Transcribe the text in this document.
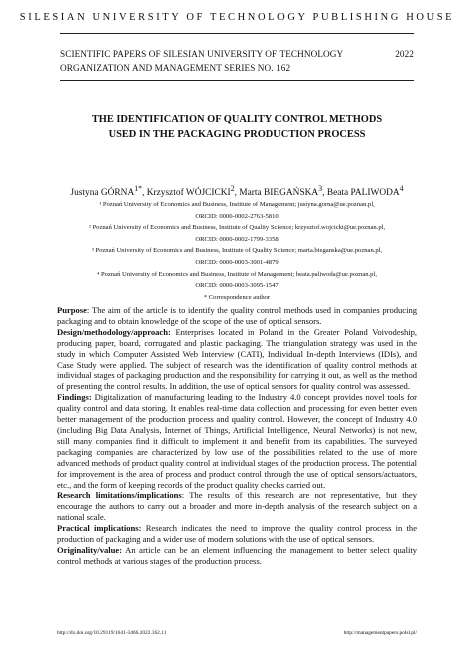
SILESIAN UNIVERSITY OF TECHNOLOGY PUBLISHING HOUSE
SCIENTIFIC PAPERS OF SILESIAN UNIVERSITY OF TECHNOLOGY	2022
ORGANIZATION AND MANAGEMENT SERIES NO. 162
THE IDENTIFICATION OF QUALITY CONTROL METHODS
USED IN THE PACKAGING PRODUCTION PROCESS
Justyna $GÓRNA^{1*}$, Krzysztof WÓJCICKI$^2$, Marta BIEGAŃSKA$^3$, Beata PALIWODA$^4$
¹ Poznań University of Economics and Business, Institute of Management; justyna.gorna@ue.poznan.pl,
ORCID: 0000-0002-2763-5810
² Poznań University of Economics and Business, Institute of Quality Science; krzysztof.wojcicki@ue.poznan.pl,
ORCID: 0000-0002-1799-3358
³ Poznań University of Economics and Business, Institute of Quality Science; marta.bieganska@ue.poznan.pl,
ORCID: 0000-0003-3001-4879
⁴ Poznań University of Economics and Business, Institute of Management; beata.paliwoda@ue.poznan.pl,
ORCID: 0000-0003-3095-1547
* Correspondence author

Purpose: The aim of the article is to identify the quality control methods used in companies producing packaging and to obtain knowledge of the scope of the use of optical sensors.

Design/methodology/approach: Enterprises located in Poland in the Greater Poland Voivodeship, producing paper, board, corrugated and plastic packaging. The triangulation strategy was used in the study in which Computer Assisted Web Interview (CATI), Individual In-depth Interviews (IDIs), and Case Study were applied. The subject of research was the identification of quality control methods at individual stages of packaging production and the responsibility for carrying it out, as well as the method of presenting the control results. In addition, the use of optical sensors for quality control was assessed.

Findings: Digitalization of manufacturing leading to the Industry 4.0 concept provides novel tools for quality control and data storing. It enables real-time data collection and processing for even better even better management of the production process and quality control. However, the concept of Industry 4.0 (including Big Data Analysis, Internet of Things, Artificial Intelligence, Neural Networks) is not new, still many companies find it difficult to implement it and benefit from its capabilities. The surveyed packaging companies are characterized by low use of the possibilities related to the use of more advanced methods of product quality control at individual stages of the production process. The potential for improvement is the area of process and product control through the use of optical sensors/actuators, etc., and the form of keeping records of the product quality checks carried out.

Research limitations/implications: The results of this research are not representative, but they encourage the authors to carry out a broader and more in-depth analysis of the research subject on a national scale.

Practical implications: Research indicates the need to improve the quality control process in the production of packaging and a wider use of modern solutions with the use of optical sensors.

Originality/value: An article can be an element influencing the management to better select quality control methods at various stages of the production process.

http://dx.doi.org/10.29119/1641-3466.2022.162.11	http://managementpapers.polsl.pl/
